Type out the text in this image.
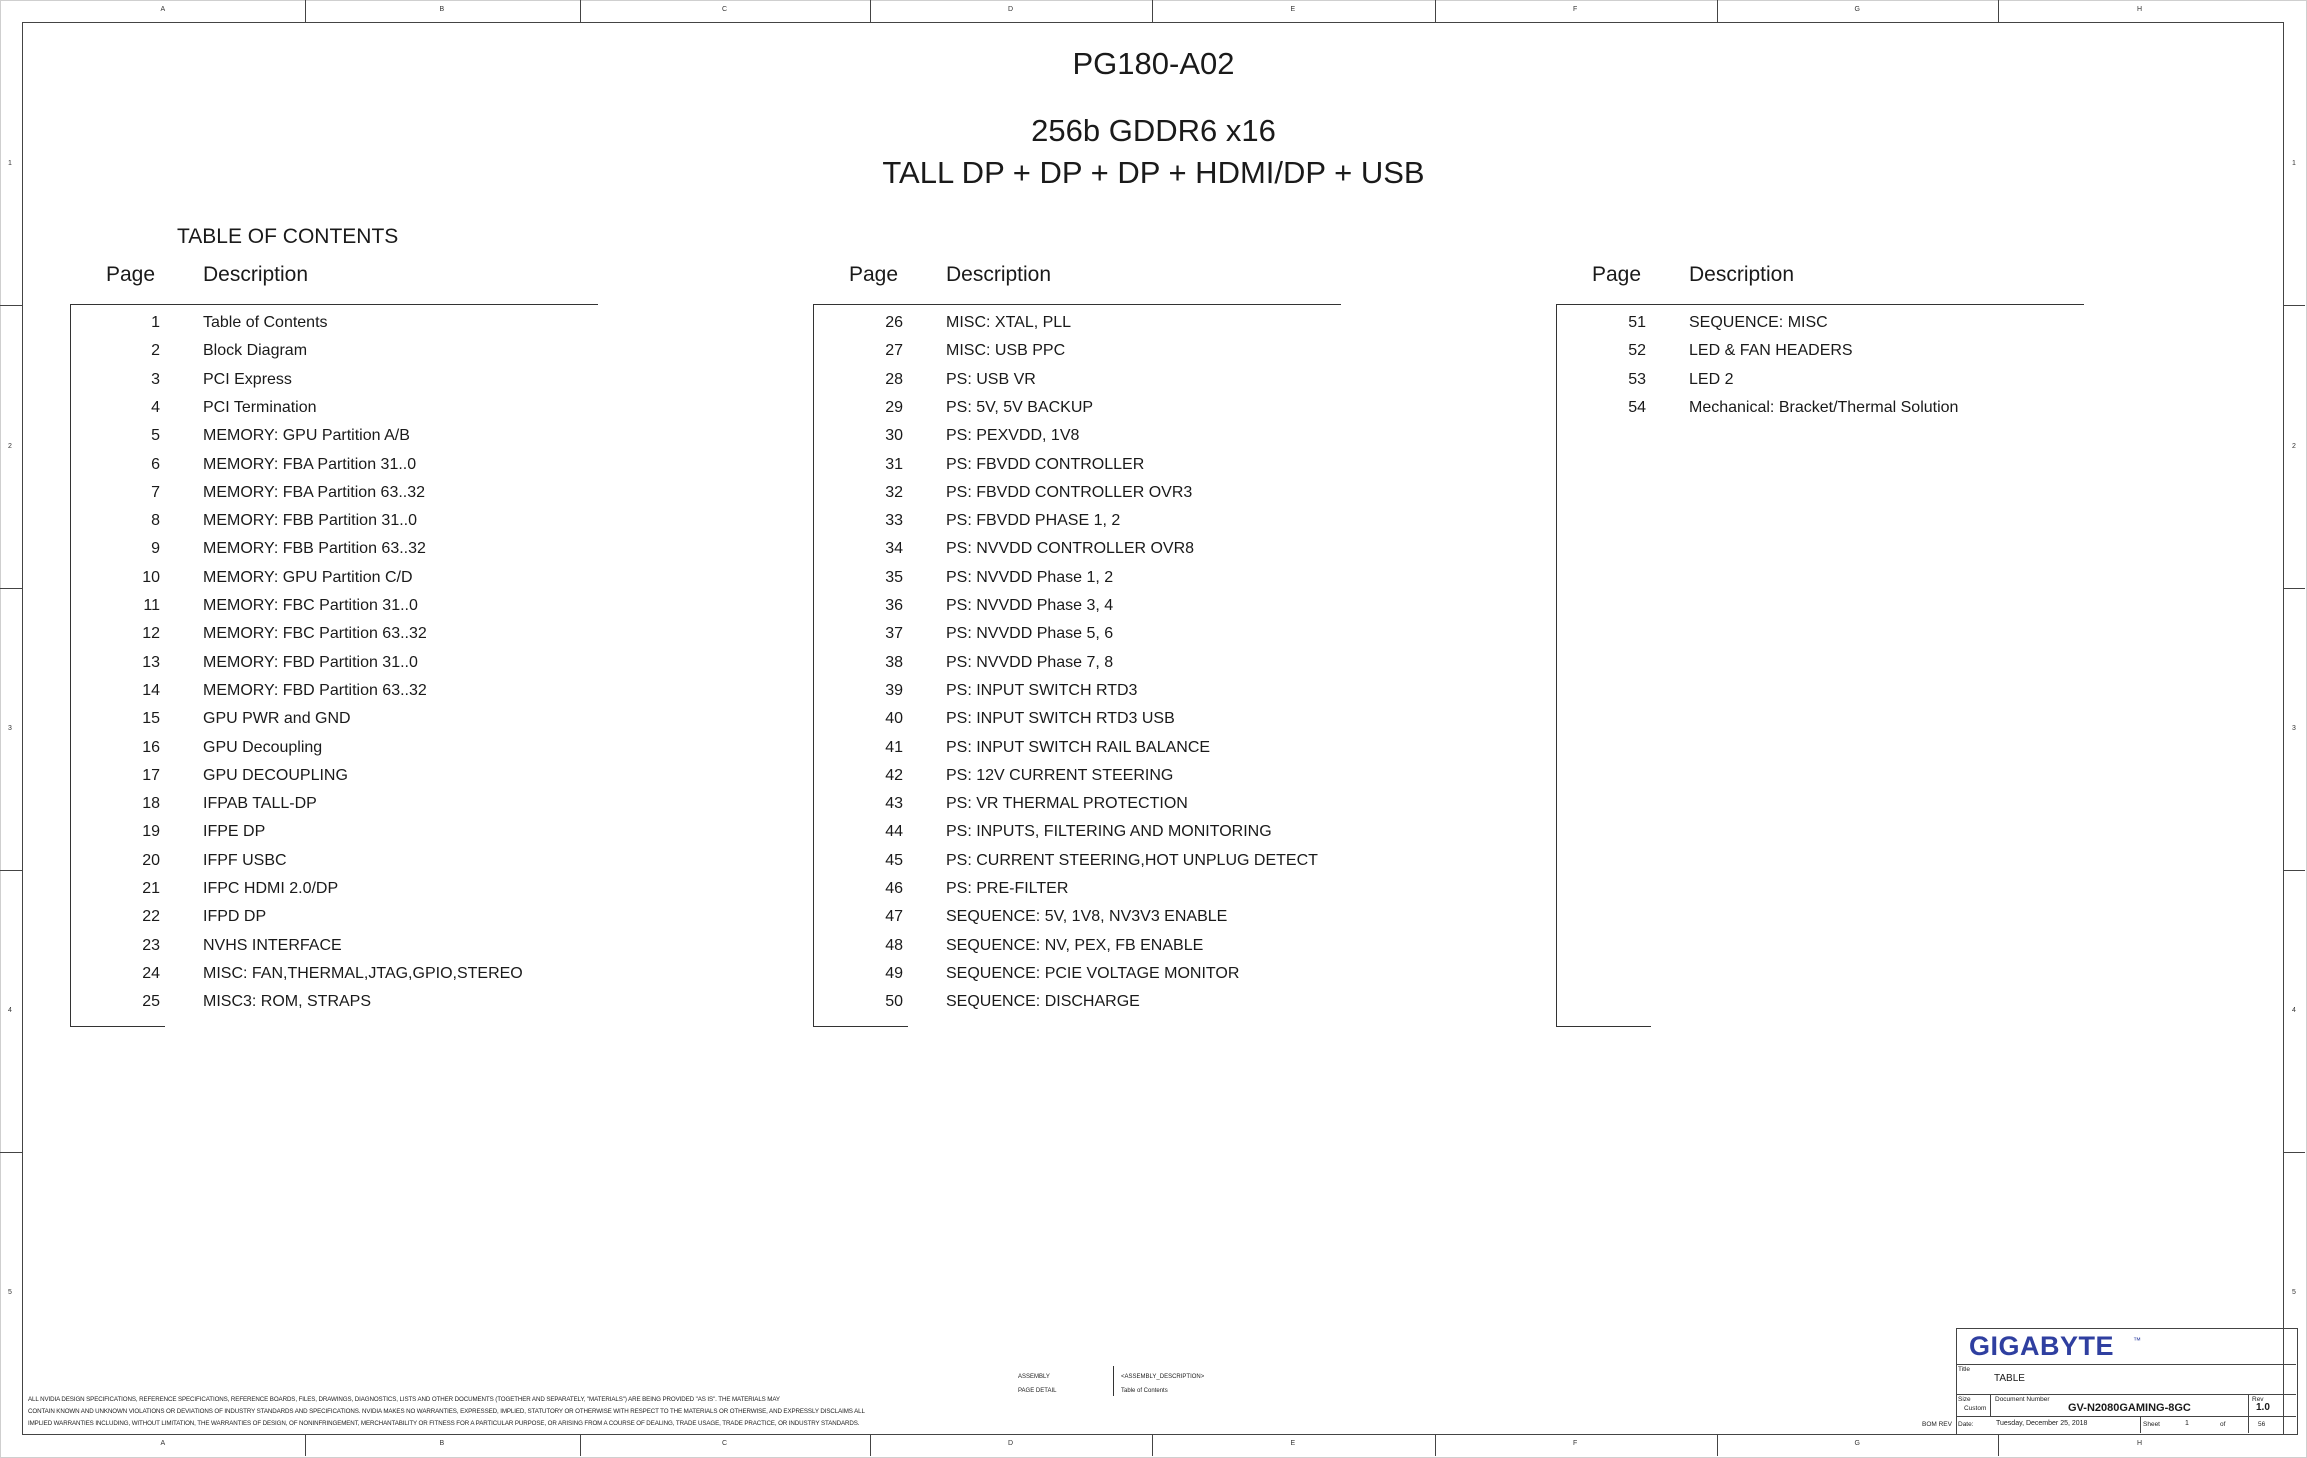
A
A
B
B
C
C
D
D
E
E
F
F
G
G
H
H
1	1
2	2
3	3
4	4
5	5
PG180-A02
256b GDDR6 x16
TALL DP + DP + DP + HDMI/DP + USB
TABLE OF CONTENTS
Page Description
1	Table of Contents
2	Block Diagram
3	PCI Express
4	PCI Termination
5	MEMORY: GPU Partition A/B
6	MEMORY: FBA Partition 31..0
7	MEMORY: FBA Partition 63..32
8	MEMORY: FBB Partition 31..0
9	MEMORY: FBB Partition 63..32
10	MEMORY: GPU Partition C/D
11	MEMORY: FBC Partition 31..0
12	MEMORY: FBC Partition 63..32
13	MEMORY: FBD Partition 31..0
14	MEMORY: FBD Partition 63..32
15	GPU PWR and GND
16	GPU Decoupling
17	GPU DECOUPLING
18	IFPAB TALL-DP
19	IFPE DP
20	IFPF USBC
21	IFPC HDMI 2.0/DP
22	IFPD DP
23	NVHS INTERFACE
24	MISC: FAN,THERMAL,JTAG,GPIO,STEREO
25	MISC3: ROM, STRAPS
Page Description
26	MISC: XTAL, PLL
27	MISC: USB PPC
28	PS: USB VR
29	PS: 5V, 5V BACKUP
30	PS: PEXVDD, 1V8
31	PS: FBVDD CONTROLLER
32	PS: FBVDD CONTROLLER OVR3
33	PS: FBVDD PHASE 1, 2
34	PS: NVVDD CONTROLLER OVR8
35	PS: NVVDD Phase 1, 2
36	PS: NVVDD Phase 3, 4
37	PS: NVVDD Phase 5, 6
38	PS: NVVDD Phase 7, 8
39	PS: INPUT SWITCH RTD3
40	PS: INPUT SWITCH RTD3 USB
41	PS: INPUT SWITCH RAIL BALANCE
42	PS: 12V CURRENT STEERING
43	PS: VR THERMAL PROTECTION
44	PS: INPUTS, FILTERING AND MONITORING
45	PS: CURRENT STEERING,HOT UNPLUG DETECT
46	PS: PRE-FILTER
47	SEQUENCE: 5V, 1V8, NV3V3 ENABLE
48	SEQUENCE: NV, PEX, FB ENABLE
49	SEQUENCE: PCIE VOLTAGE MONITOR
50	SEQUENCE: DISCHARGE
Page Description
51	SEQUENCE: MISC
52	LED & FAN HEADERS
53	LED 2
54	Mechanical: Bracket/Thermal Solution
ALL NVIDIA DESIGN SPECIFICATIONS, REFERENCE SPECIFICATIONS, REFERENCE BOARDS, FILES, DRAWINGS, DIAGNOSTICS, LISTS AND OTHER DOCUMENTS (TOGETHER AND SEPARATELY, "MATERIALS") ARE BEING PROVIDED "AS IS". THE MATERIALS MAY
CONTAIN KNOWN AND UNKNOWN VIOLATIONS OR DEVIATIONS OF INDUSTRY STANDARDS AND SPECIFICATIONS. NVIDIA MAKES NO WARRANTIES, EXPRESSED, IMPLIED, STATUTORY OR OTHERWISE WITH RESPECT TO THE MATERIALS OR OTHERWISE, AND EXPRESSLY DISCLAIMS ALL
IMPLIED WARRANTIES INCLUDING, WITHOUT LIMITATION, THE WARRANTIES OF DESIGN, OF NONINFRINGEMENT, MERCHANTABILITY OR FITNESS FOR A PARTICULAR PURPOSE, OR ARISING FROM A COURSE OF DEALING, TRADE USAGE, TRADE PRACTICE, OR INDUSTRY STANDARDS.
ASSEMBLY
PAGE DETAIL
<ASSEMBLY_DESCRIPTION>
Table of Contents
GIGABYTE ™
Title
TABLE
Size
Custom
Document Number
GV-N2080GAMING-8GC
Rev
1.0
BOM REV Date:	Tuesday, December 25, 2018	Sheet	1	of	56
